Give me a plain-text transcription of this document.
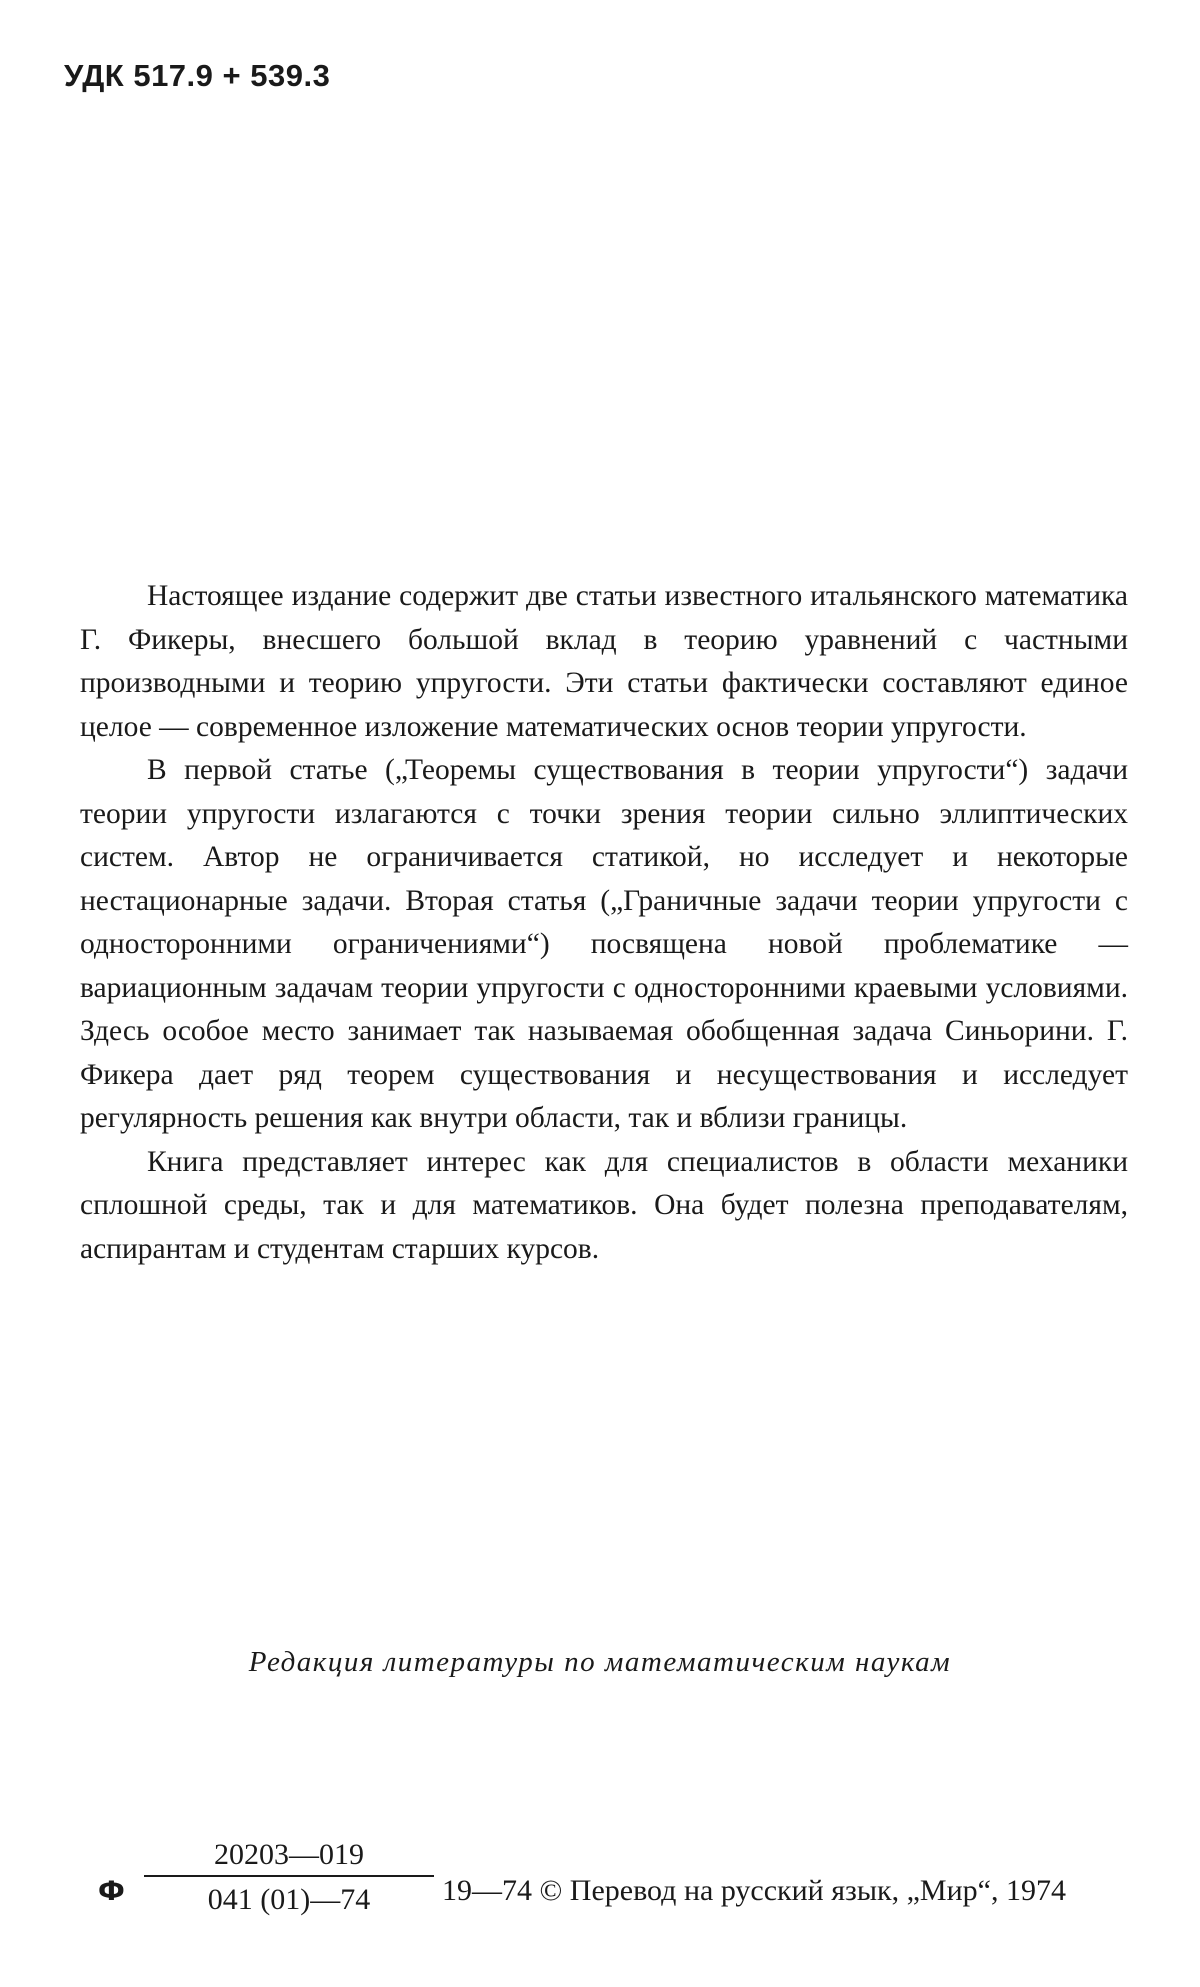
УДК 517.9 + 539.3

Настоящее издание содержит две статьи известного итальянского математика Г. Фикеры, внесшего большой вклад в теорию уравнений с частными производными и теорию упругости. Эти статьи фактически составляют единое целое — современное изложение математических основ теории упругости.

В первой статье („Теоремы существования в теории упругости“) задачи теории упругости излагаются с точки зрения теории сильно эллиптических систем. Автор не ограничивается статикой, но исследует и некоторые нестационарные задачи. Вторая статья („Граничные задачи теории упругости с односторонними ограничениями“) посвящена новой проблематике — вариационным задачам теории упругости с односторонними краевыми условиями. Здесь особое место занимает так называемая обобщенная задача Синьорини. Г. Фикера дает ряд теорем существования и несуществования и исследует регулярность решения как внутри области, так и вблизи границы.

Книга представляет интерес как для специалистов в области механики сплошной среды, так и для математиков. Она будет полезна преподавателям, аспирантам и студентам старших курсов.

Редакция литературы по математическим наукам
Ф $\frac{20203—019}{041 (01)—74}$ 19—74 © Перевод на русский язык, „Мир“, 1974
